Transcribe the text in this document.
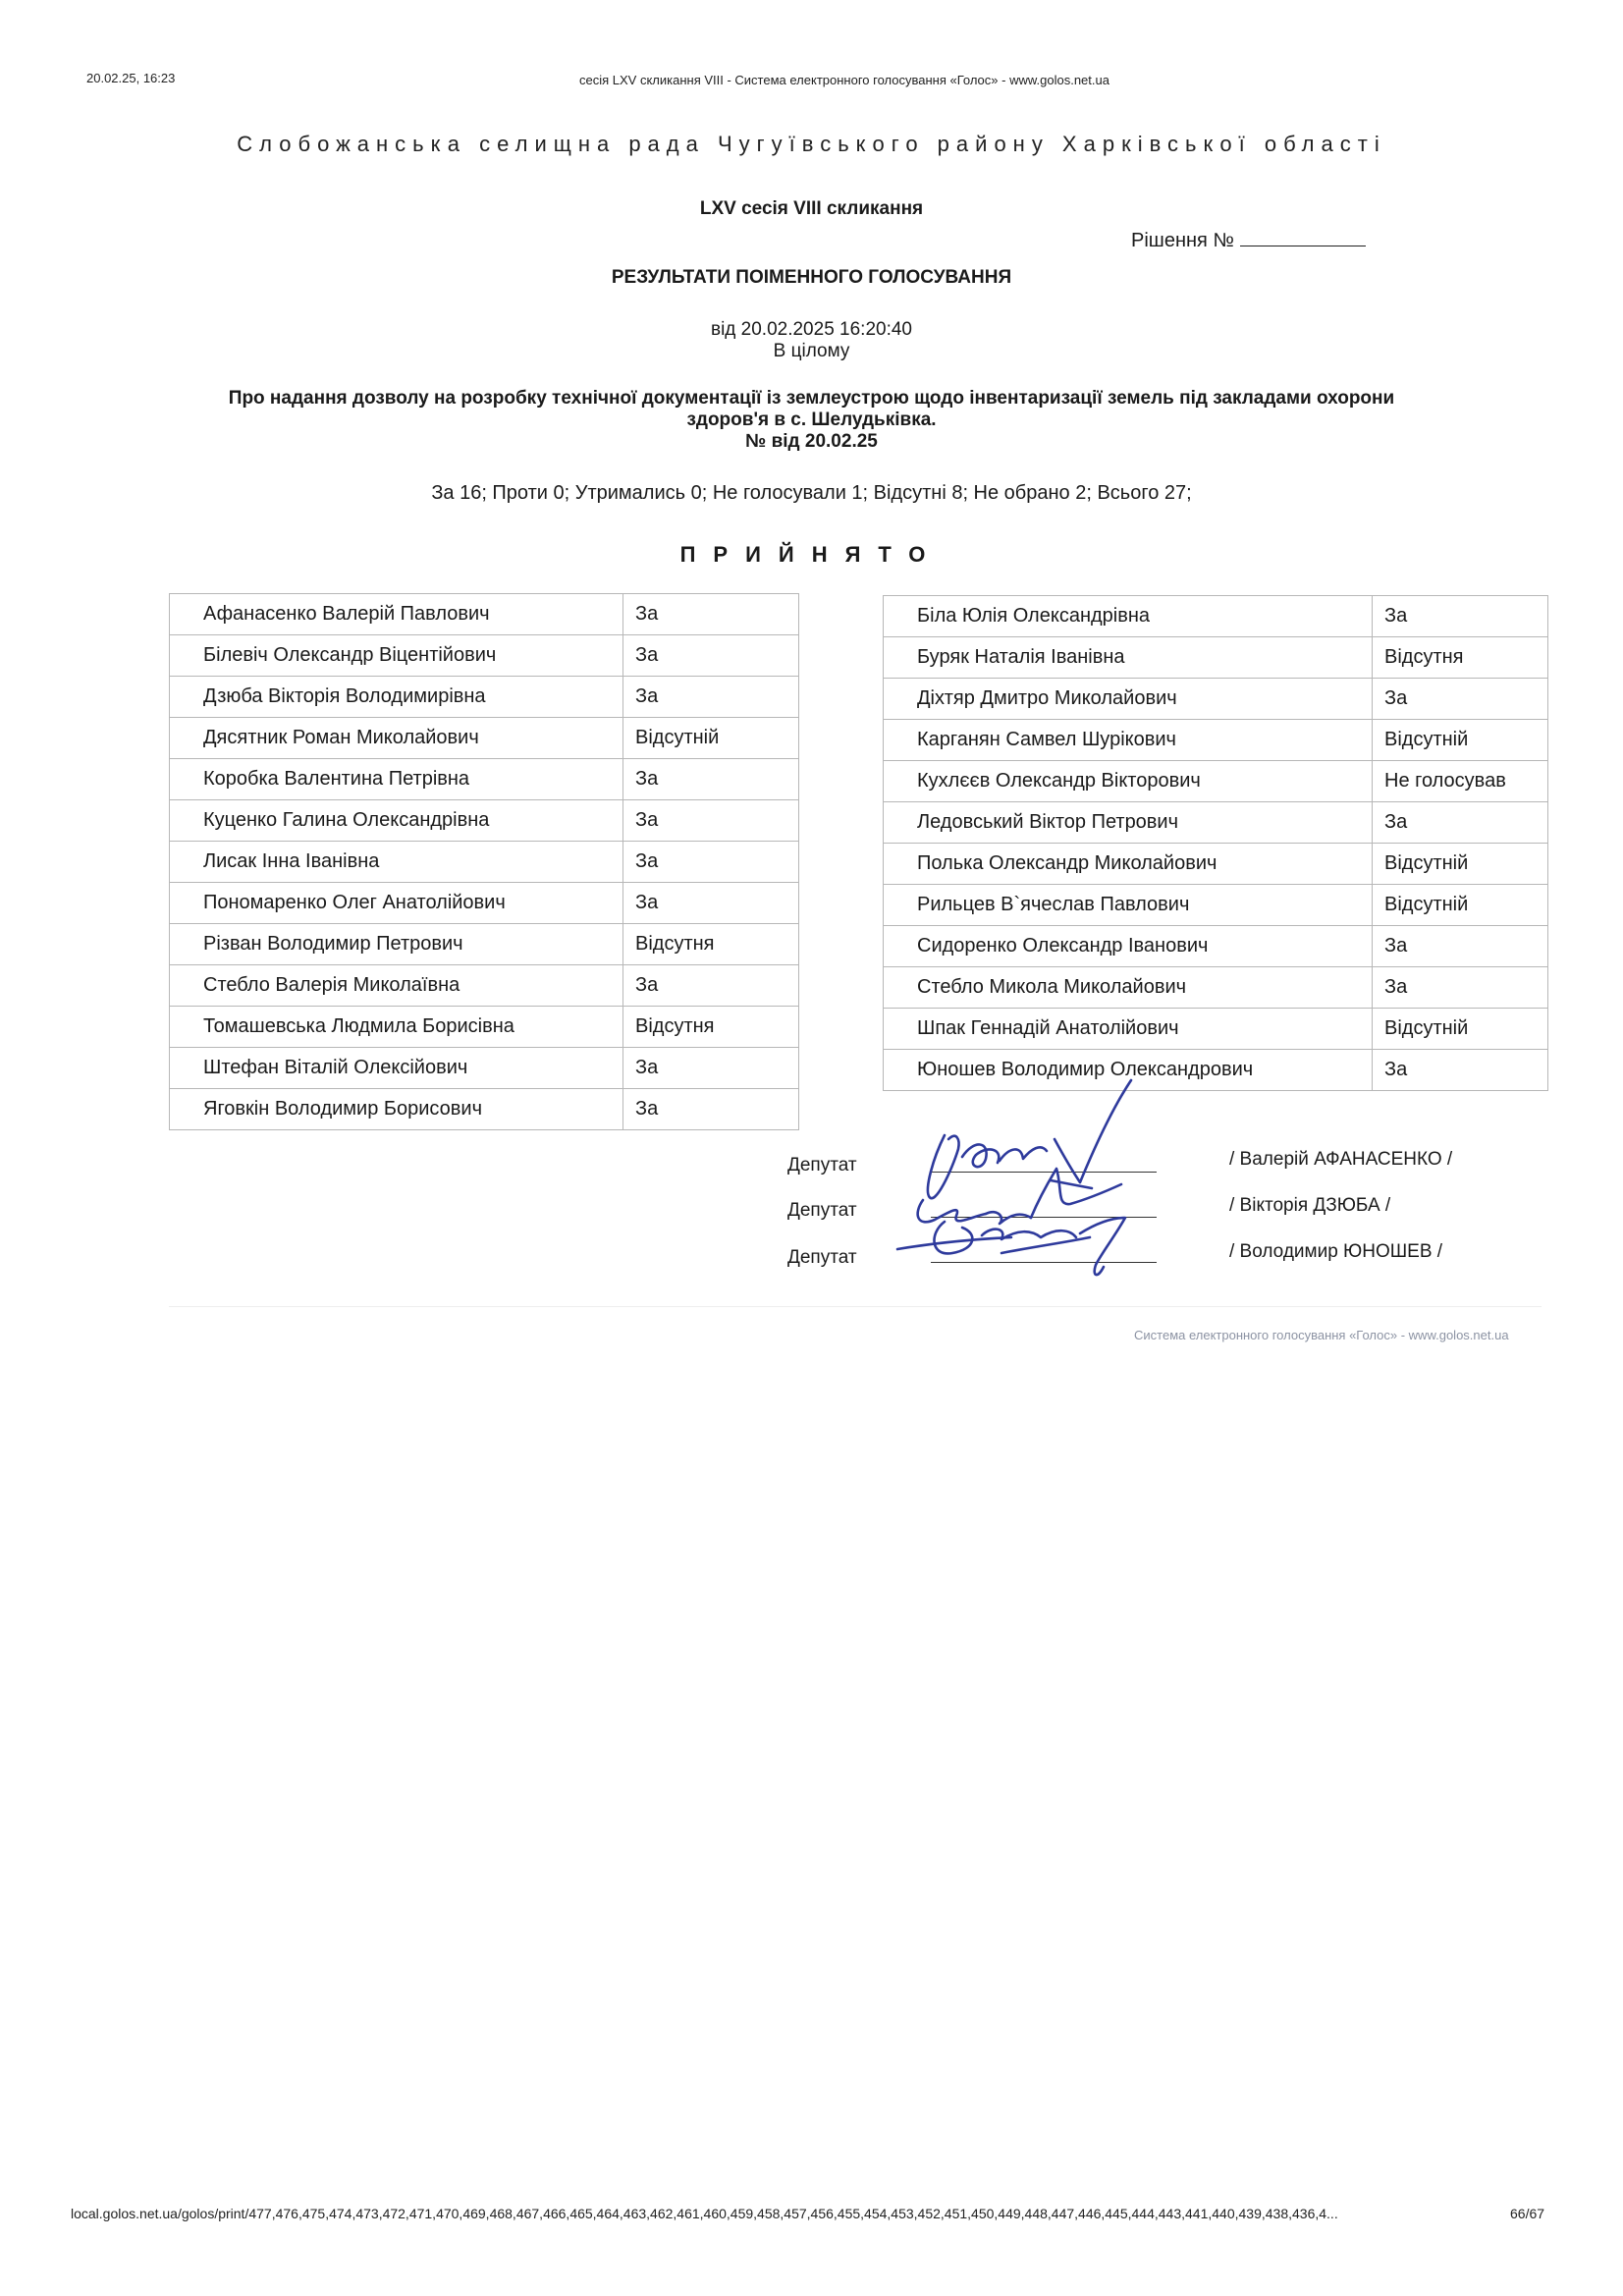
20.02.25, 16:23	сесія LXV скликання VIII - Система електронного голосування «Голос» - www.golos.net.ua
Слобожанська селищна рада Чугуївського району Харківської області
LXV сесія VIII скликання
Рішення №
РЕЗУЛЬТАТИ ПОІМЕННОГО ГОЛОСУВАННЯ
від 20.02.2025 16:20:40
В цілому
Про надання дозволу на розробку технічної документації із землеустрою щодо інвентаризації земель під закладами охорони
здоров'я в с. Шелудьківка.
№ від 20.02.25
За 16; Проти 0; Утримались 0; Не голосували 1; Відсутні 8; Не обрано 2; Всього 27;
ПРИЙНЯТО
Афанасенко Валерій Павлович	За
Білевіч Олександр Віцентійович	За
Дзюба Вікторія Володимирівна	За
Дясятник Роман Миколайович	Відсутній
Коробка Валентина Петрівна	За
Куценко Галина Олександрівна	За
Лисак Інна Іванівна	За
Пономаренко Олег Анатолійович	За
Різван Володимир Петрович	Відсутня
Стебло Валерія Миколаївна	За
Томашевська Людмила Борисівна	Відсутня
Штефан Віталій Олексійович	За
Яговкін Володимир Борисович	За
Біла Юлія Олександрівна	За
Буряк Наталія Іванівна	Відсутня
Діхтяр Дмитро Миколайович	За
Карганян Самвел Шурікович	Відсутній
Кухлєєв Олександр Вікторович	Не голосував
Ледовський Віктор Петрович	За
Полька Олександр Миколайович	Відсутній
Рильцев В`ячеслав Павлович	Відсутній
Сидоренко Олександр Іванович	За
Стебло Микола Миколайович	За
Шпак Геннадій Анатолійович	Відсутній
Юношев Володимир Олександрович	За
Депутат	/ Валерій АФАНАСЕНКО /
Депутат	/ Вікторія ДЗЮБА /
Депутат	/ Володимир ЮНОШЕВ /
Система електронного голосування «Голос» - www.golos.net.ua
local.golos.net.ua/golos/print/477,476,475,474,473,472,471,470,469,468,467,466,465,464,463,462,461,460,459,458,457,456,455,454,453,452,451,450,449,448,447,446,445,444,443,441,440,439,438,436,4...	66/67
